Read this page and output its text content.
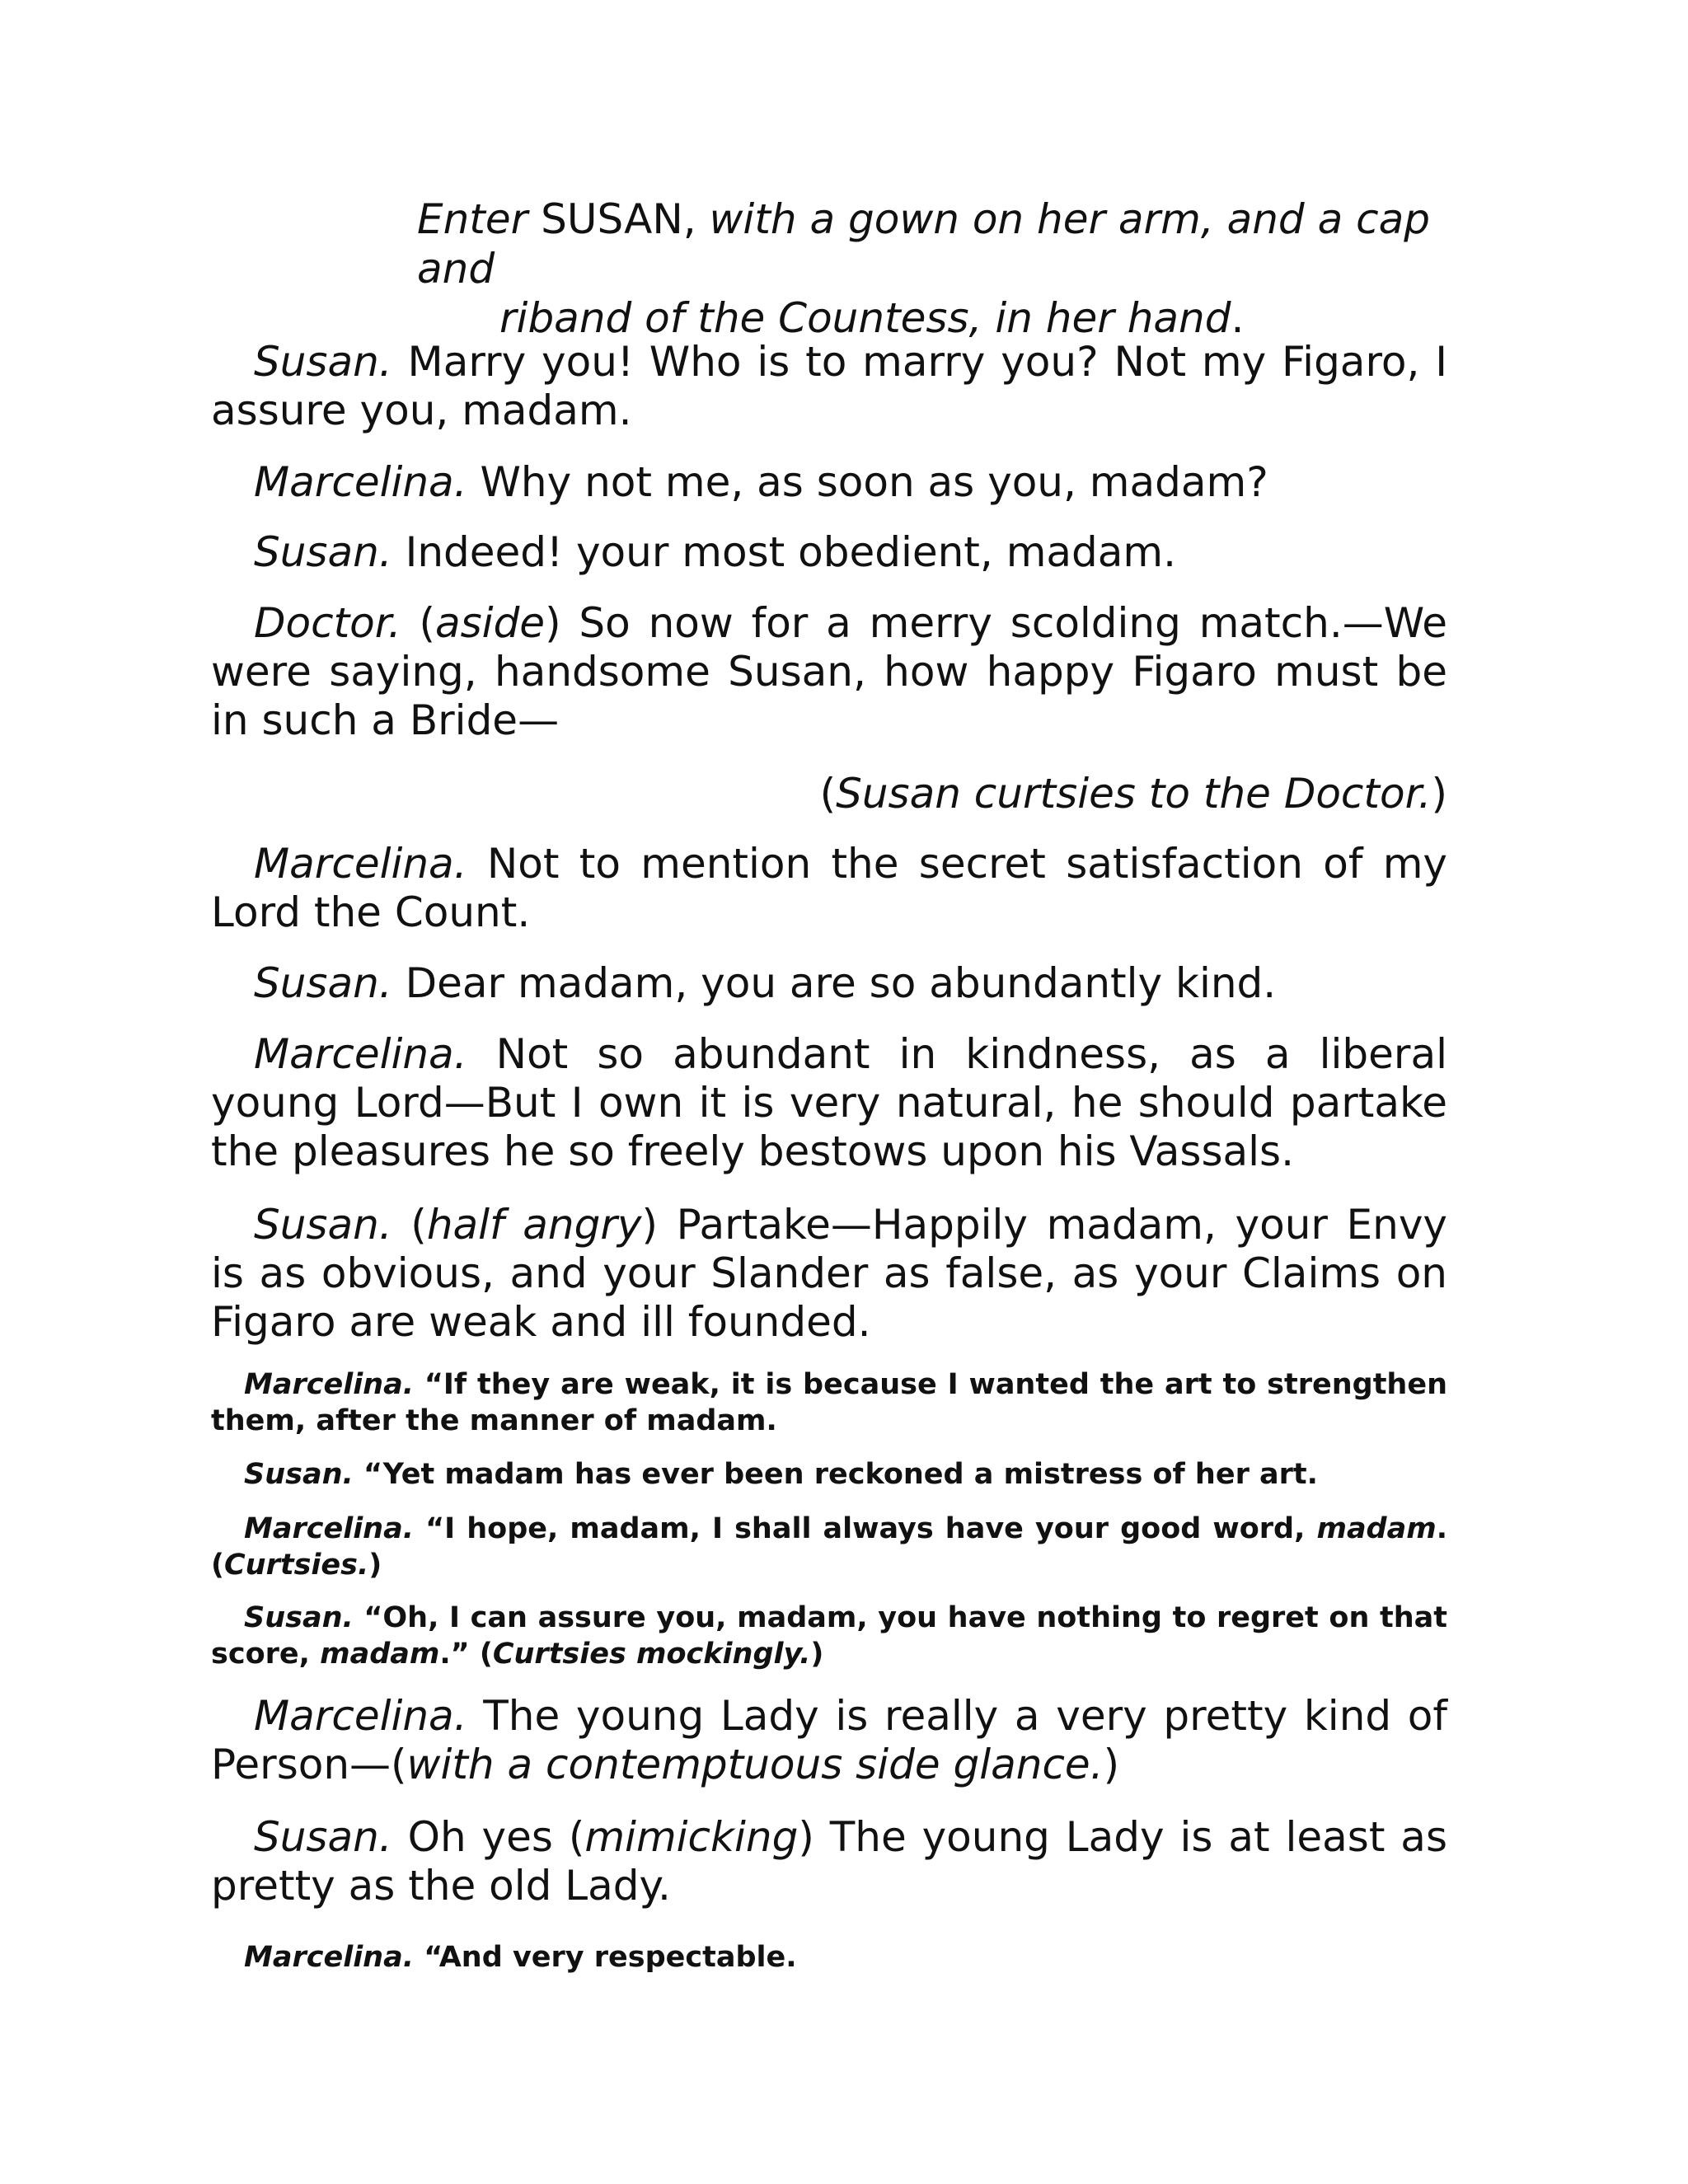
Enter SUSAN, with a gown on her arm, and a cap and
riband of the Countess, in her hand.

Susan. Marry you! Who is to marry you? Not my Figaro, I assure you, madam.

Marcelina. Why not me, as soon as you, madam?

Susan. Indeed! your most obedient, madam.

Doctor. (aside) So now for a merry scolding match.—We were saying, handsome Susan, how happy Figaro must be in such a Bride—

(Susan curtsies to the Doctor.)

Marcelina. Not to mention the secret satisfaction of my Lord the Count.

Susan. Dear madam, you are so abundantly kind.

Marcelina. Not so abundant in kindness, as a liberal young Lord—But I own it is very natural, he should partake the pleasures he so freely bestows upon his Vassals.

Susan. (half angry) Partake—Happily madam, your Envy is as obvious, and your Slander as false, as your Claims on Figaro are weak and ill founded.

Marcelina. “If they are weak, it is because I wanted the art to strengthen them, after the manner of madam.

Susan. “Yet madam has ever been reckoned a mistress of her art.

Marcelina. “I hope, madam, I shall always have your good word, madam. (Curtsies.)

Susan. “Oh, I can assure you, madam, you have nothing to regret on that score, madam.” (Curtsies mockingly.)

Marcelina. The young Lady is really a very pretty kind of Person—(with a contemptuous side glance.)

Susan. Oh yes (mimicking) The young Lady is at least as pretty as the old Lady.

Marcelina. “And very respectable.
